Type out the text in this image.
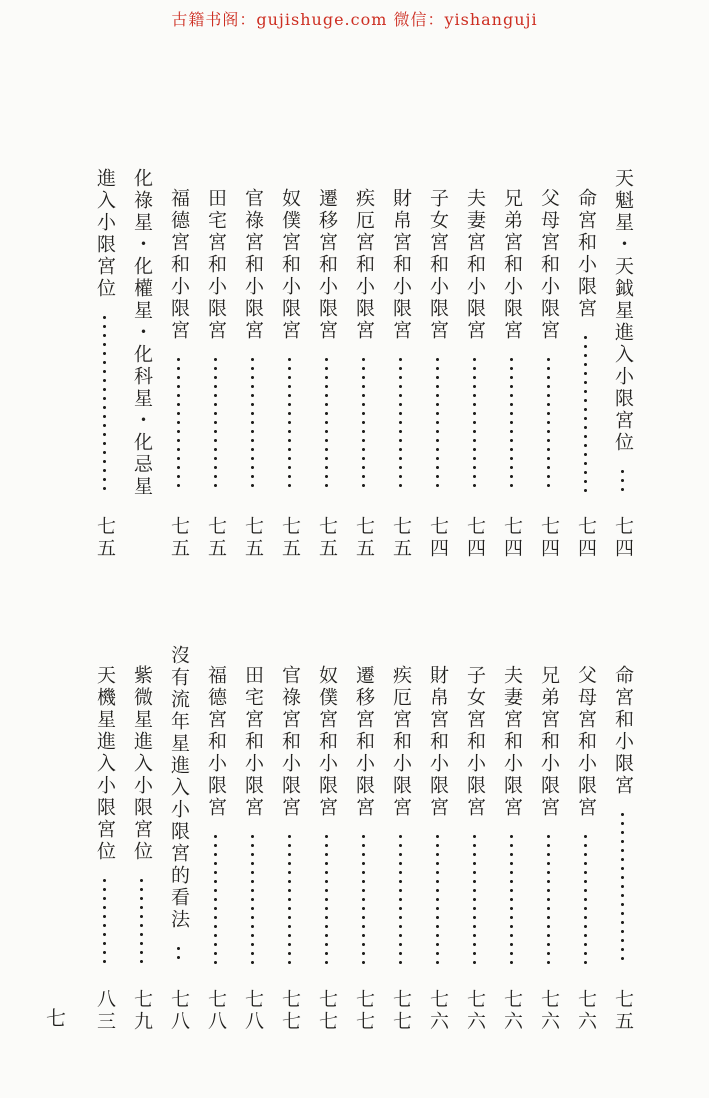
古籍书阁：gujishuge.com 微信：yishanguji
天魁星・天鉞星進入小限宮位
七四
命宮和小限宮
七四
父母宮和小限宮
七四
兄弟宮和小限宮
七四
夫妻宮和小限宮
七四
子女宮和小限宮
七四
財帛宮和小限宮
七五
疾厄宮和小限宮
七五
遷移宮和小限宮
七五
奴僕宮和小限宮
七五
官祿宮和小限宮
七五
田宅宮和小限宮
七五
福德宮和小限宮
七五
化祿星・化權星・化科星・化忌星
進入小限宮位
七五
命宮和小限宮
七五
父母宮和小限宮
七六
兄弟宮和小限宮
七六
夫妻宮和小限宮
七六
子女宮和小限宮
七六
財帛宮和小限宮
七六
疾厄宮和小限宮
七七
遷移宮和小限宮
七七
奴僕宮和小限宮
七七
官祿宮和小限宮
七七
田宅宮和小限宮
七八
福德宮和小限宮
七八
沒有流年星進入小限宮的看法
七八
紫微星進入小限宮位
七九
天機星進入小限宮位
八三
七
